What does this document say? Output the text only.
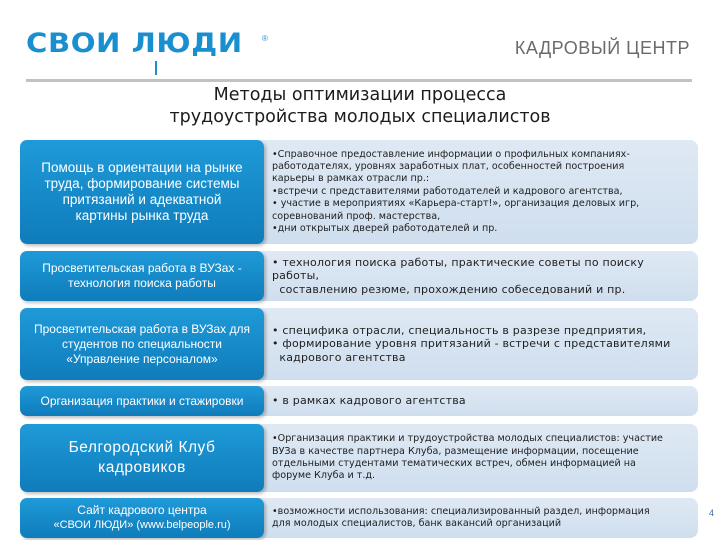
СВОИ ЛЮДИ ®	КАДРОВЫЙ ЦЕНТР
Методы оптимизации процесса
трудоустройства молодых специалистов
Помощь в ориентации на рынке
труда, формирование системы
притязаний и адекватной
картины рынка труда
•Справочное предоставление информации о профильных компаниях-
работодателях, уровнях заработных плат, особенностей построения
карьеры в рамках отрасли пр.:
•встречи с представителями работодателей и кадрового агентства,
• участие в мероприятиях «Карьера-старт!», организация деловых игр,
соревнований проф. мастерства,
•дни открытых дверей работодателей и пр.
Просветительская работа в ВУЗах -
технология поиска работы
• технология поиска работы, практические советы по поиску работы,
составлению резюме, прохождению собеседований и пр.
Просветительская работа в ВУЗах для
студентов по специальности
«Управление персоналом»
• специфика отрасли, специальность в разрезе предприятия,
• формирование уровня притязаний - встречи с представителями
кадрового агентства
Организация практики и стажировки	• в рамках кадрового агентства
Белгородский Клуб
кадровиков
•Организация практики и трудоустройства молодых специалистов: участие
ВУЗа в качестве партнера Клуба, размещение информации, посещение
отдельными студентами тематических встреч, обмен информацией на
форуме Клуба и т.д.
Сайт кадрового центра
«СВОИ ЛЮДИ» (www.belpeople.ru)
•возможности использования: специализированный раздел, информация
для молодых специалистов, банк вакансий организаций
4
